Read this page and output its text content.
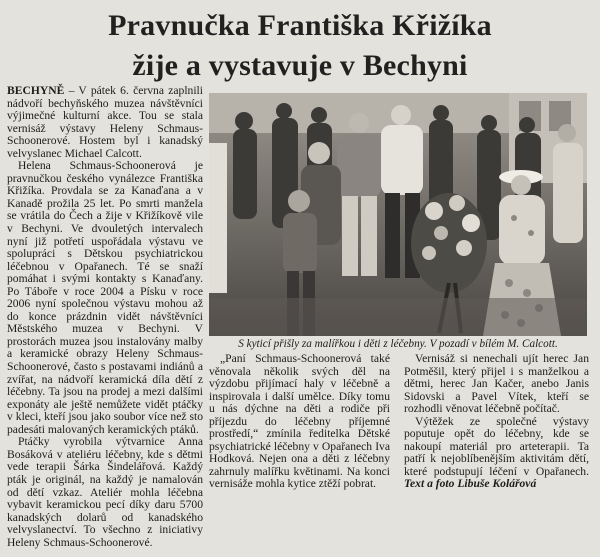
Pravnučka Františka Křižíka
žije a vystavuje v Bechyni
S kyticí přišly za malířkou i děti z léčebny. V pozadí v bílém M. Calcott.

BECHYNĚ – V pátek 6. června zaplnili nádvoří bechyňského muzea návštěvníci výjimečné kulturní akce. Tou se stala vernisáž výstavy Heleny Schmaus-Schoonerové. Hostem byl i kanadský velvyslanec Michael Calcott.

Helena Schmaus-Schoonerová je pravnučkou českého vynálezce Františka Křižíka. Provdala se za Kanaďana a v Kanadě prožila 25 let. Po smrti manžela se vrátila do Čech a žije v Křižíkově vile v Bechyni. Ve dvouletých intervalech nyní již potřetí uspořádala výstavu ve spolupráci s Dětskou psychiatrickou léčebnou v Opařanech. Té se snaží pomáhat i svými kontakty s Kanaďany. Po Táboře v roce 2004 a Písku v roce 2006 nyní společnou výstavu mohou až do konce prázdnin vidět návštěvníci Městského muzea v Bechyni. V prostorách muzea jsou instalovány malby a keramické obrazy Heleny Schmaus-Schoonerové, často s postavami indiánů a zvířat, na nádvoří keramická díla dětí z léčebny. Ta jsou na prodej a mezi dalšími exponáty ale ještě nemůžete vidět ptáčky v kleci, kteří jsou jako soubor více než sto padesáti malovaných keramických ptáků.

Ptáčky vyrobila výtvarnice Anna Bosáková v ateliéru léčebny, kde s dětmi vede terapii Šárka Šindelářová. Každý pták je originál, na každý je namalován od dětí vzkaz. Ateliér mohla léčebna vybavit keramickou pecí díky daru 5700 kanadských dolarů od kanadského velvyslanectví. To všechno z iniciativy Heleny Schmaus-Schoonerové.

„Paní Schmaus-Schoonerová také věnovala několik svých děl na výzdobu přijímací haly v léčebně a inspirovala i další umělce. Díky tomu u nás dýchne na děti a rodiče při příjezdu do léčebny příjemné prostředí,“ zmínila ředitelka Dětské psychiatrické léčebny v Opařanech Iva Hodková. Nejen ona a děti z léčebny zahrnuly malířku květinami. Na konci vernisáže mohla kytice ztěží pobrat.

Vernisáž si nenechali ujít herec Jan Potměšil, který přijel i s manželkou a dětmi, herec Jan Kačer, anebo Janis Sidovski a Pavel Vítek, kteří se rozhodli věnovat léčebně počítač.

Výtěžek ze společné výstavy poputuje opět do léčebny, kde se nakoupí materiál pro arteterapii. Ta patří k nejoblíbenějším aktivitám dětí, které podstupují léčení v Opařanech. Text a foto Libuše Kolářová
